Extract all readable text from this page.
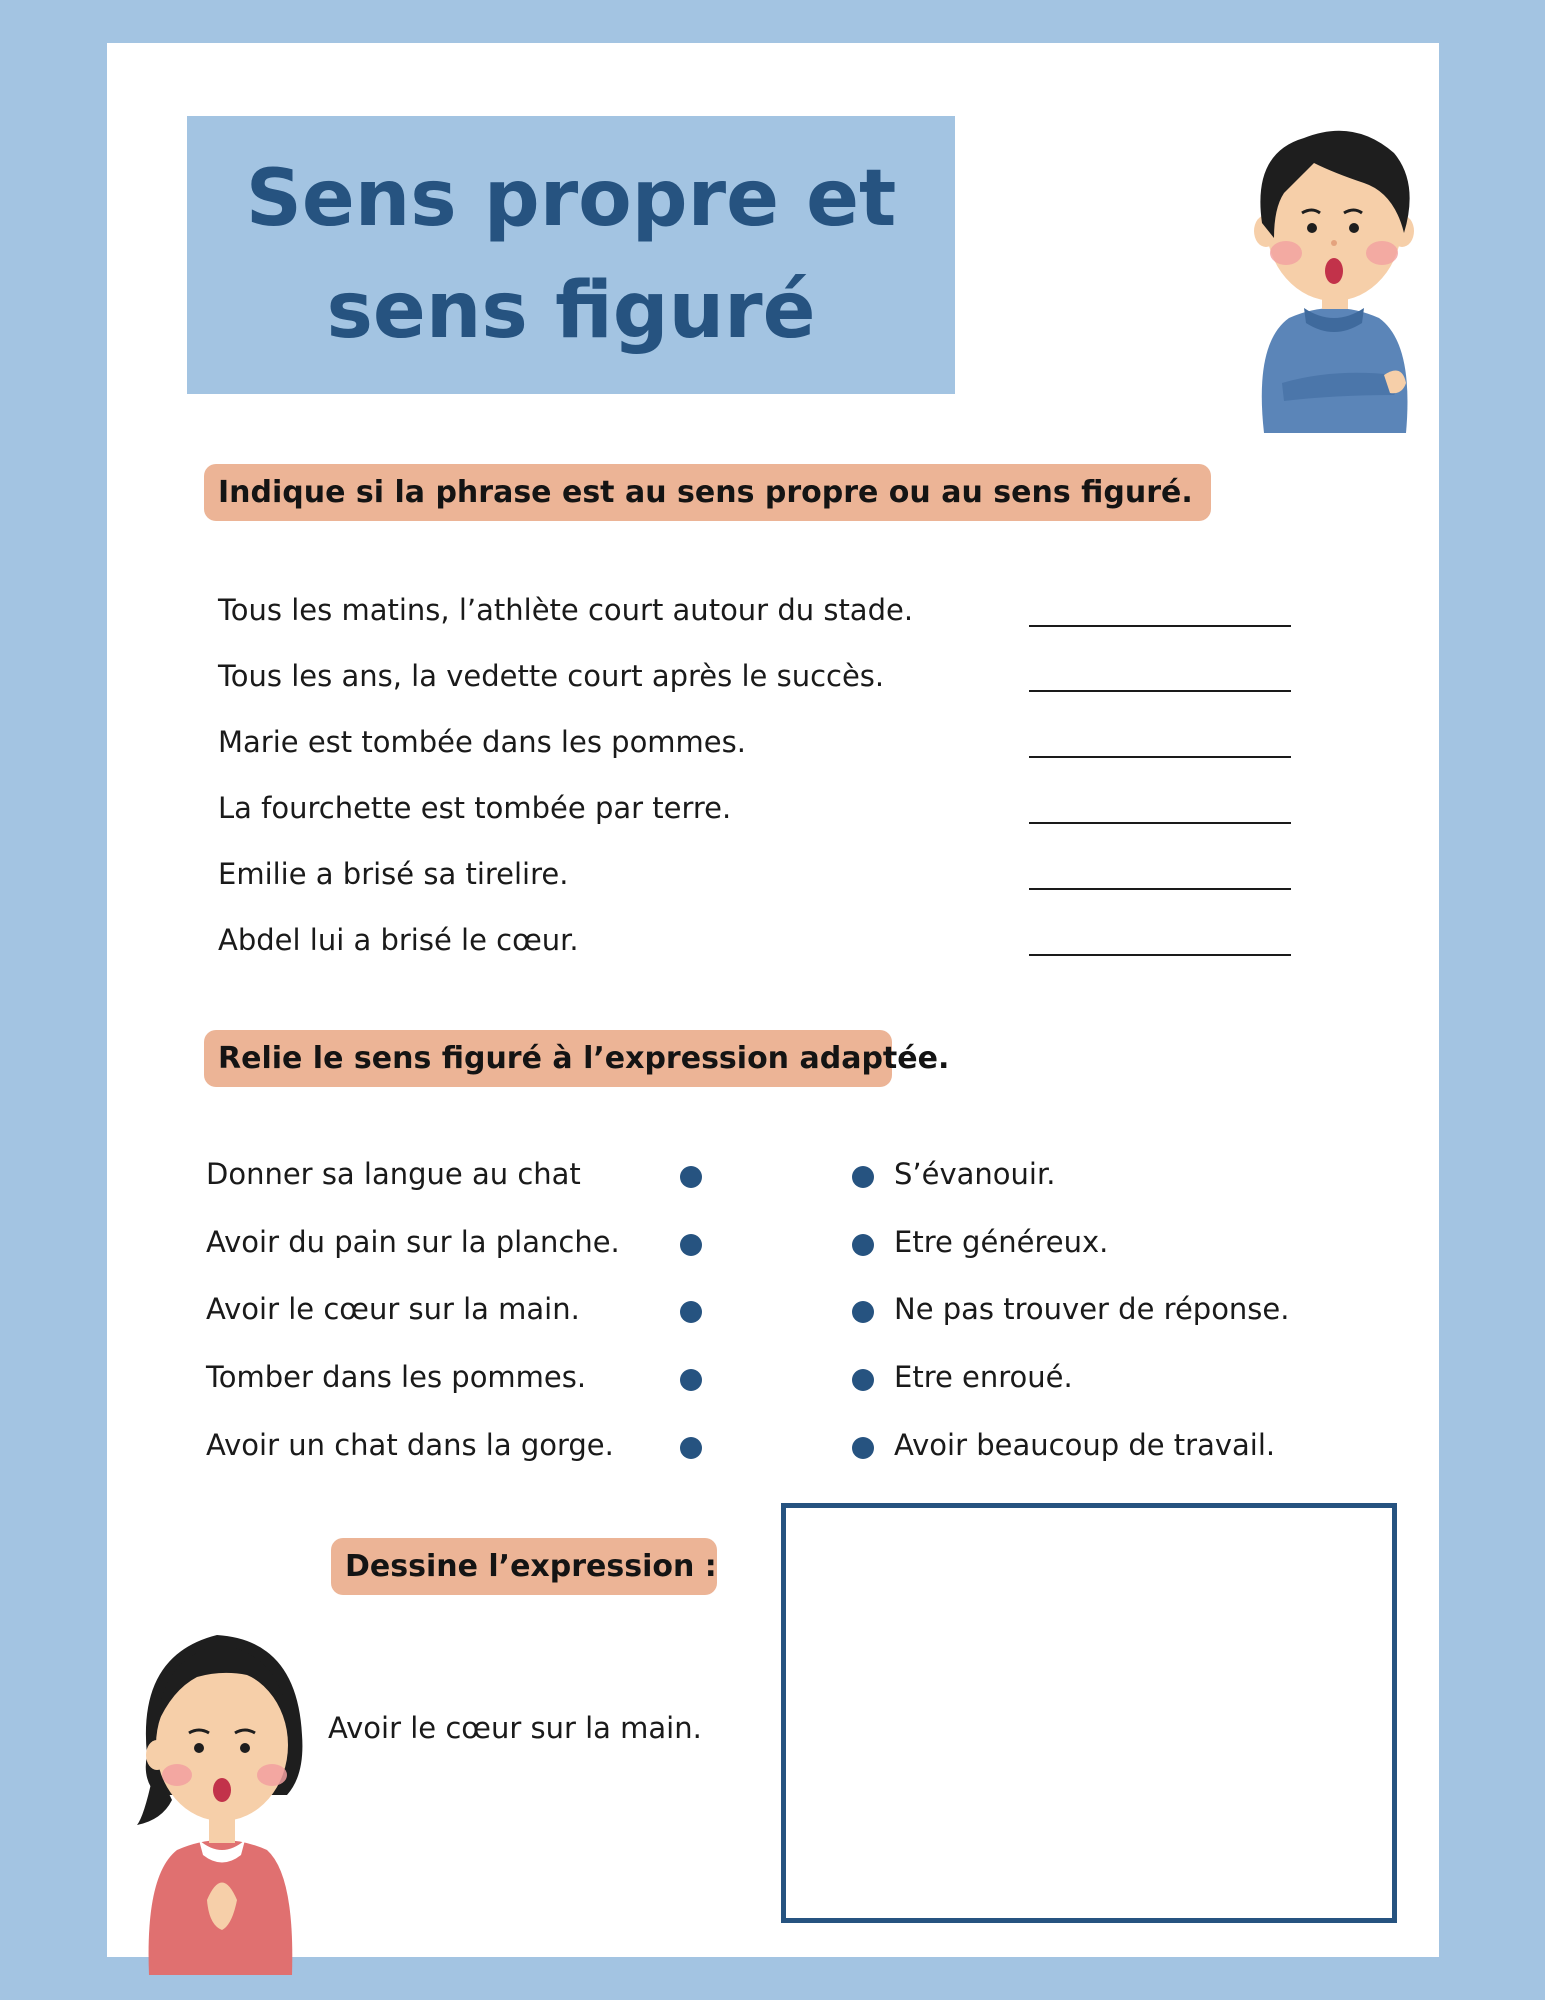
Sens propre et
sens figuré
Indique si la phrase est au sens propre ou au sens figuré.
Tous les matins, l’athlète court autour du stade.
Tous les ans, la vedette court après le succès.
Marie est tombée dans les pommes.
La fourchette est tombée par terre.
Emilie a brisé sa tirelire.
Abdel lui a brisé le cœur.
Relie le sens figuré à l’expression adaptée.
Donner sa langue au chat
Avoir du pain sur la planche.
Avoir le cœur sur la main.
Tomber dans les pommes.
Avoir un chat dans la gorge.
S’évanouir.
Etre généreux.
Ne pas trouver de réponse.
Etre enroué.
Avoir beaucoup de travail.
Dessine l’expression :
Avoir le cœur sur la main.
